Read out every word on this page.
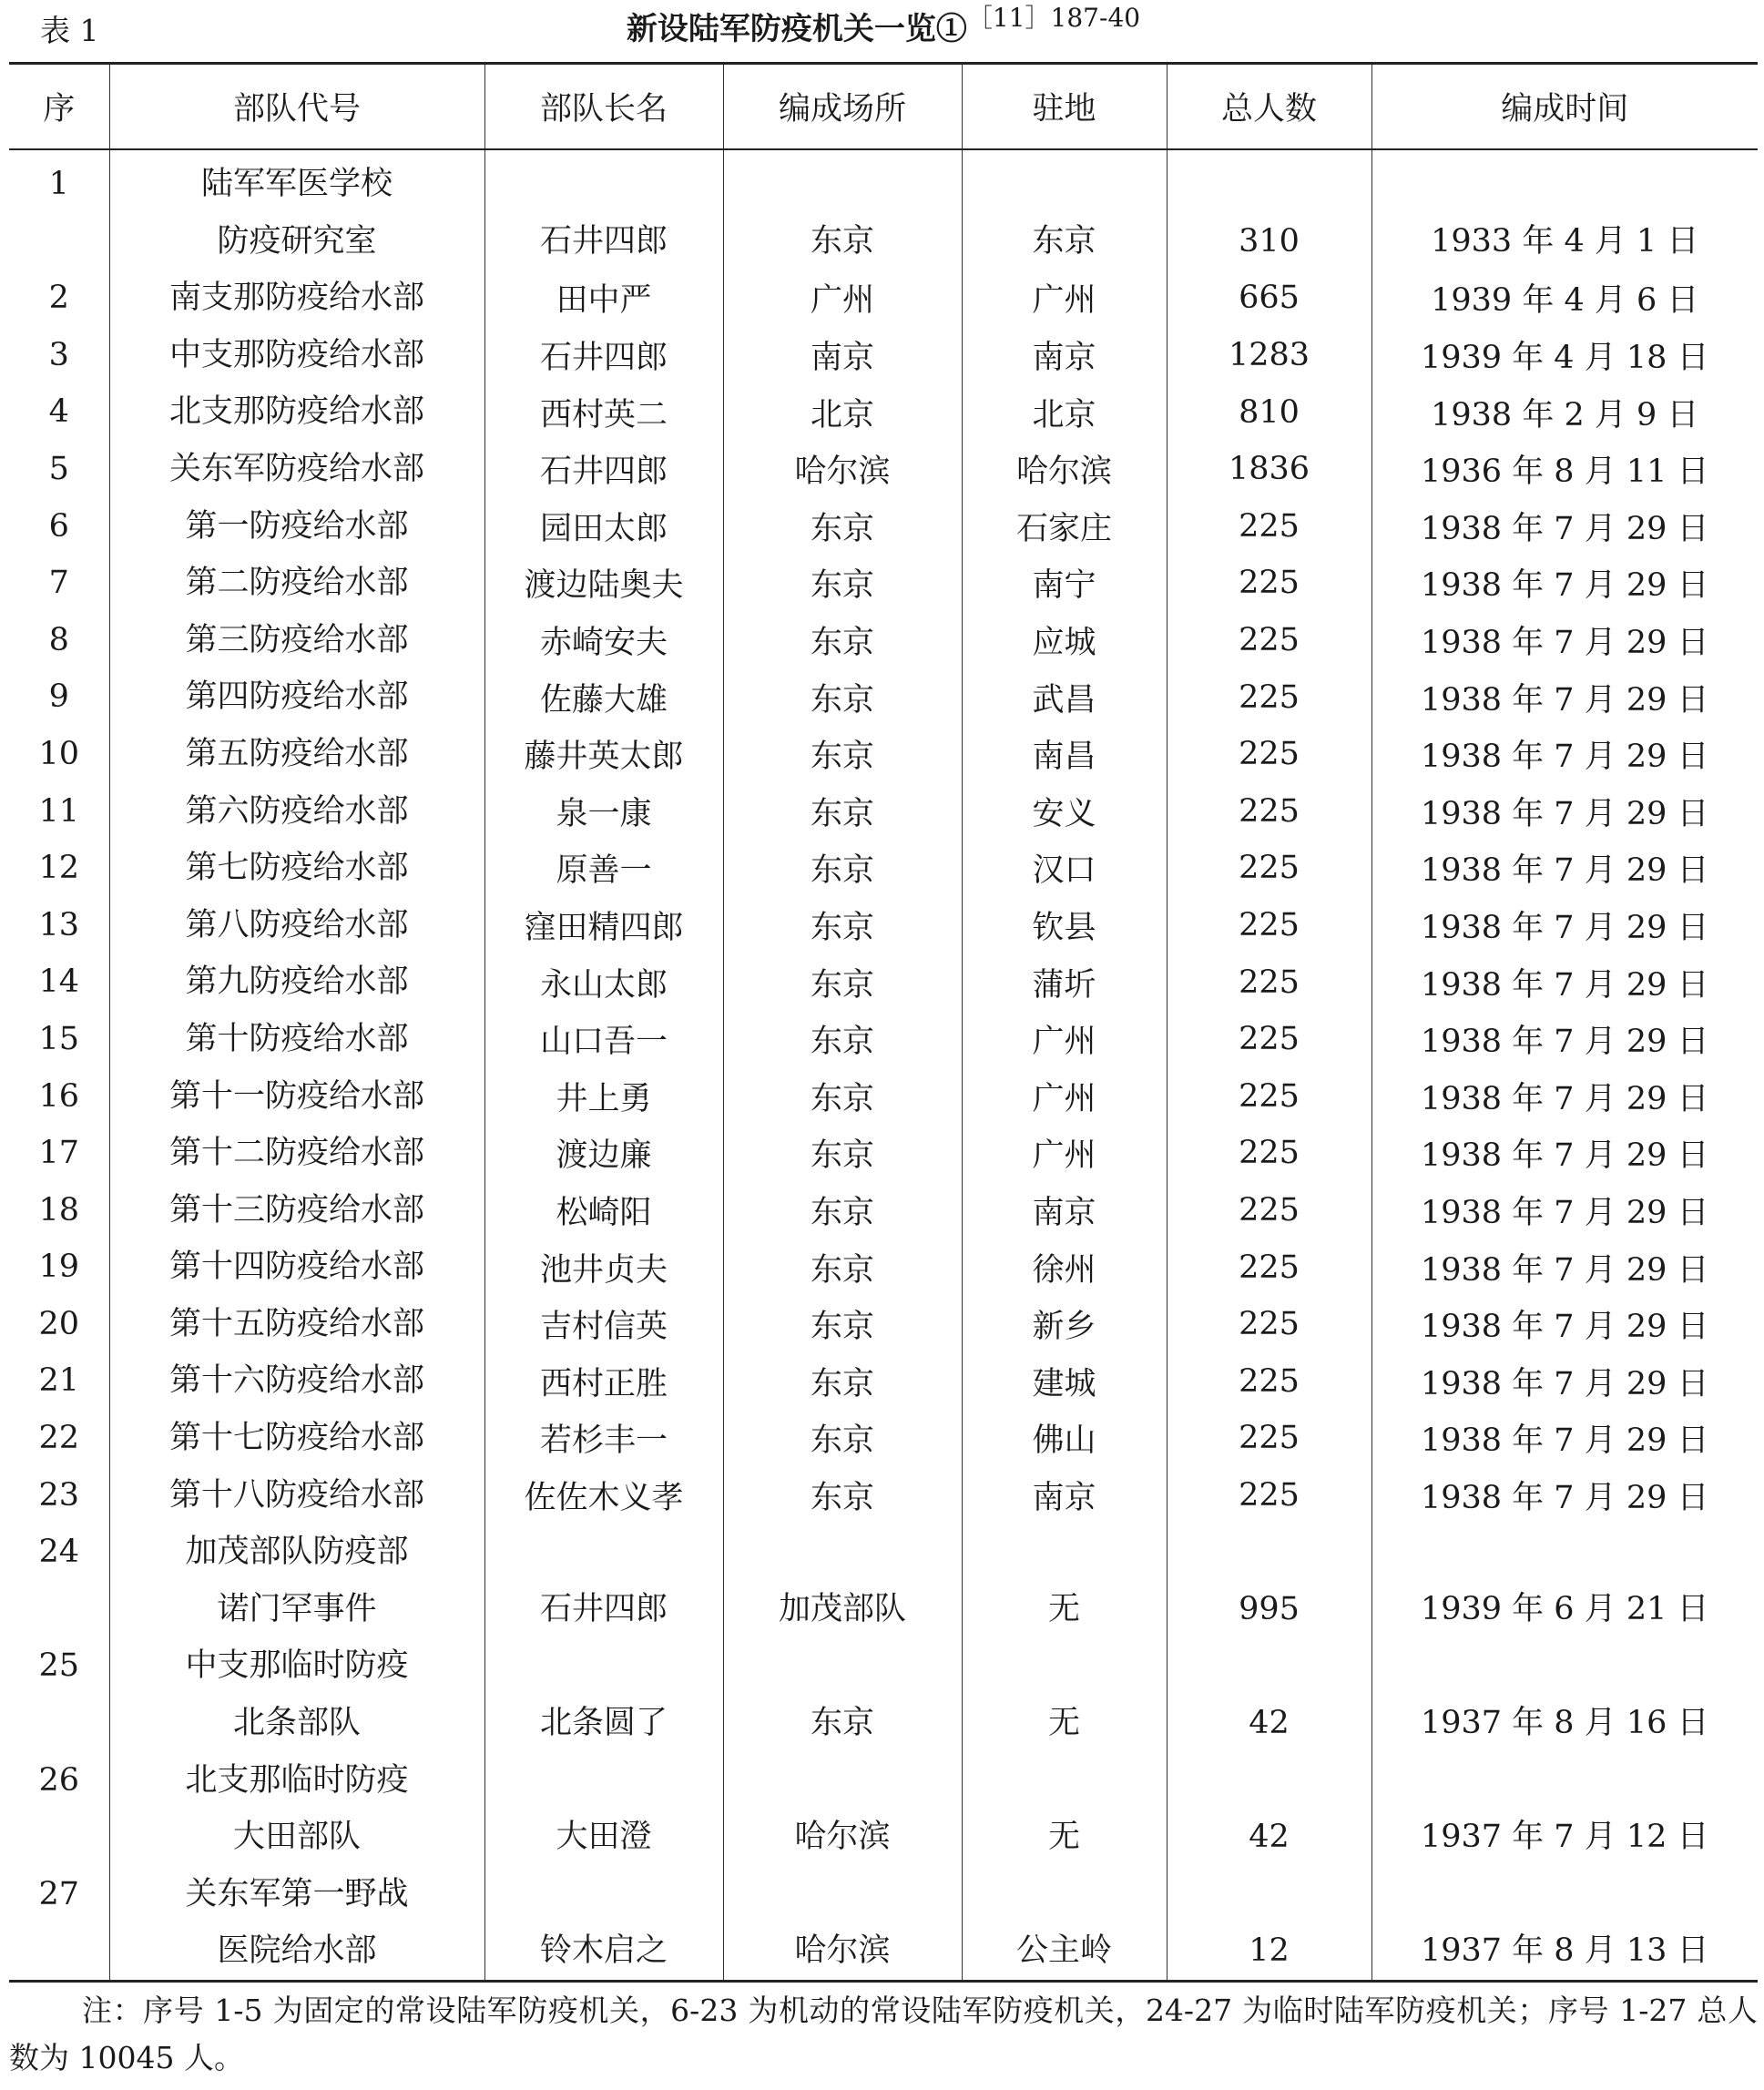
表 1	新设陆军防疫机关一览①$^{[11]187-40}$
序	部队代号	部队长名	编成场所	驻地	总人数	编成时间
1	陆军军医学校
防疫研究室	石井四郎	东京	东京	310	1933 年 4 月 1 日

2	南支那防疫给水部	田中严	广州	广州	665	1939 年 4 月 6 日
3	中支那防疫给水部	石井四郎	南京	南京	1283	1939 年 4 月 18 日
4	北支那防疫给水部	西村英二	北京	北京	810	1938 年 2 月 9 日
5	关东军防疫给水部	石井四郎	哈尔滨	哈尔滨	1836	1936 年 8 月 11 日
6	第一防疫给水部	园田太郎	东京	石家庄	225	1938 年 7 月 29 日
7	第二防疫给水部	渡边陆奥夫	东京	南宁	225	1938 年 7 月 29 日
8	第三防疫给水部	赤崎安夫	东京	应城	225	1938 年 7 月 29 日
9	第四防疫给水部	佐藤大雄	东京	武昌	225	1938 年 7 月 29 日
10	第五防疫给水部	藤井英太郎	东京	南昌	225	1938 年 7 月 29 日
11	第六防疫给水部	泉一康	东京	安义	225	1938 年 7 月 29 日
12	第七防疫给水部	原善一	东京	汉口	225	1938 年 7 月 29 日
13	第八防疫给水部	窪田精四郎	东京	钦县	225	1938 年 7 月 29 日
14	第九防疫给水部	永山太郎	东京	蒲圻	225	1938 年 7 月 29 日
15	第十防疫给水部	山口吾一	东京	广州	225	1938 年 7 月 29 日
16	第十一防疫给水部	井上勇	东京	广州	225	1938 年 7 月 29 日
17	第十二防疫给水部	渡边廉	东京	广州	225	1938 年 7 月 29 日
18	第十三防疫给水部	松崎阳	东京	南京	225	1938 年 7 月 29 日
19	第十四防疫给水部	池井贞夫	东京	徐州	225	1938 年 7 月 29 日
20	第十五防疫给水部	吉村信英	东京	新乡	225	1938 年 7 月 29 日
21	第十六防疫给水部	西村正胜	东京	建城	225	1938 年 7 月 29 日
22	第十七防疫给水部	若杉丰一	东京	佛山	225	1938 年 7 月 29 日
23	第十八防疫给水部	佐佐木义孝	东京	南京	225	1938 年 7 月 29 日
24	加茂部队防疫部
诺门罕事件	石井四郎	加茂部队	无	995	1939 年 6 月 21 日

25	中支那临时防疫
北条部队	北条圆了	东京	无	42	1937 年 8 月 16 日

26	北支那临时防疫
大田部队	大田澄	哈尔滨	无	42	1937 年 7 月 12 日

27	关东军第一野战
医院给水部	铃木启之	哈尔滨	公主岭	12	1937 年 8 月 13 日
注：序号 1-5 为固定的常设陆军防疫机关，6-23 为机动的常设陆军防疫机关，24-27 为临时陆军防疫机关；序号 1-27 总人数为 10045 人。
